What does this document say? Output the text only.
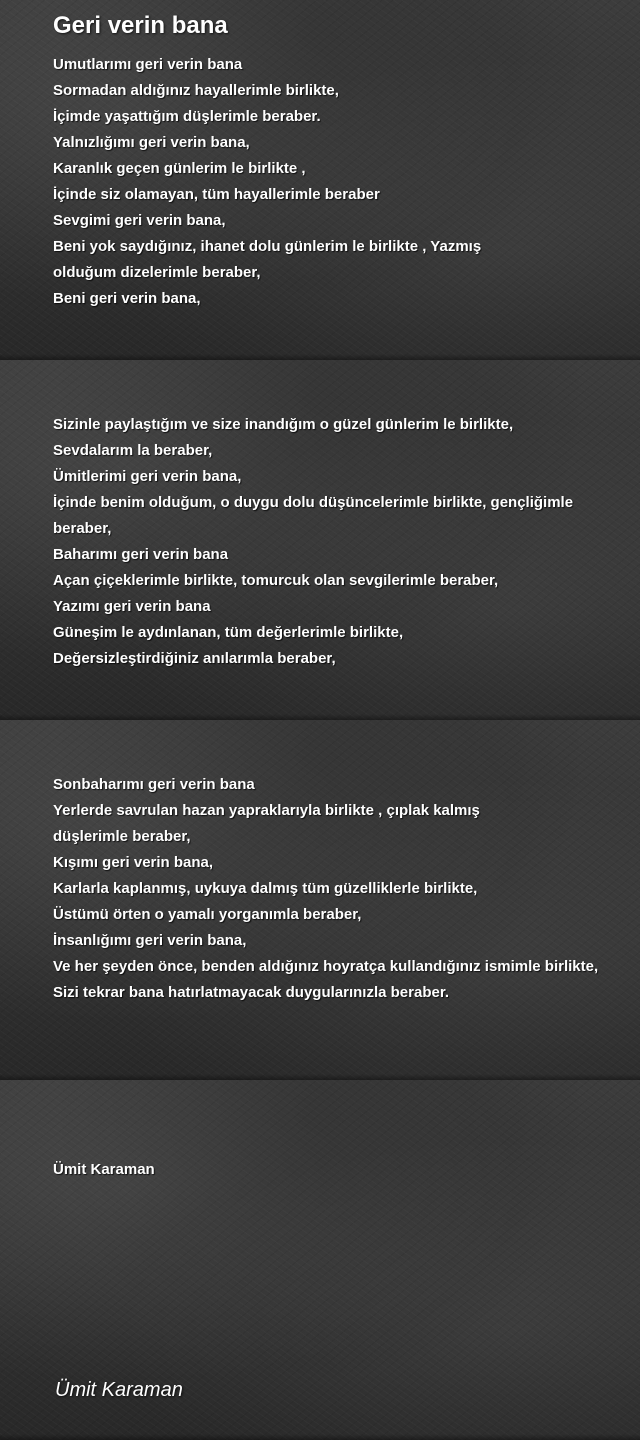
Geri verin bana
Umutlarımı geri verin bana
Sormadan aldığınız hayallerimle birlikte,
İçimde yaşattığım düşlerimle beraber.
Yalnızlığımı geri verin bana,
Karanlık geçen günlerim le birlikte ,
İçinde siz olamayan, tüm hayallerimle beraber
Sevgimi geri verin bana,
Beni yok saydığınız, ihanet dolu günlerim le birlikte , Yazmış olduğum dizelerimle beraber,
Beni geri verin bana,
Sizinle paylaştığım ve size inandığım o güzel günlerim le birlikte,
Sevdalarım la beraber,
Ümitlerimi geri verin bana,
İçinde benim olduğum, o duygu dolu düşüncelerimle birlikte, gençliğimle beraber,
Baharımı geri verin bana
Açan çiçeklerimle birlikte, tomurcuk olan sevgilerimle beraber,
Yazımı geri verin bana
Güneşim le aydınlanan, tüm değerlerimle birlikte,
Değersizleştirdiğiniz anılarımla beraber,
Sonbaharımı geri verin bana
Yerlerde savrulan hazan yapraklarıyla birlikte , çıplak kalmış düşlerimle beraber,
Kışımı geri verin bana,
Karlarla kaplanmış, uykuya dalmış tüm güzelliklerle birlikte,
Üstümü örten o yamalı yorganımla beraber,
İnsanlığımı geri verin bana,
Ve her şeyden önce, benden aldığınız hoyratça kullandığınız ismimle birlikte,
Sizi tekrar bana hatırlatmayacak duygularınızla beraber.
Ümit Karaman
Ümit Karaman
